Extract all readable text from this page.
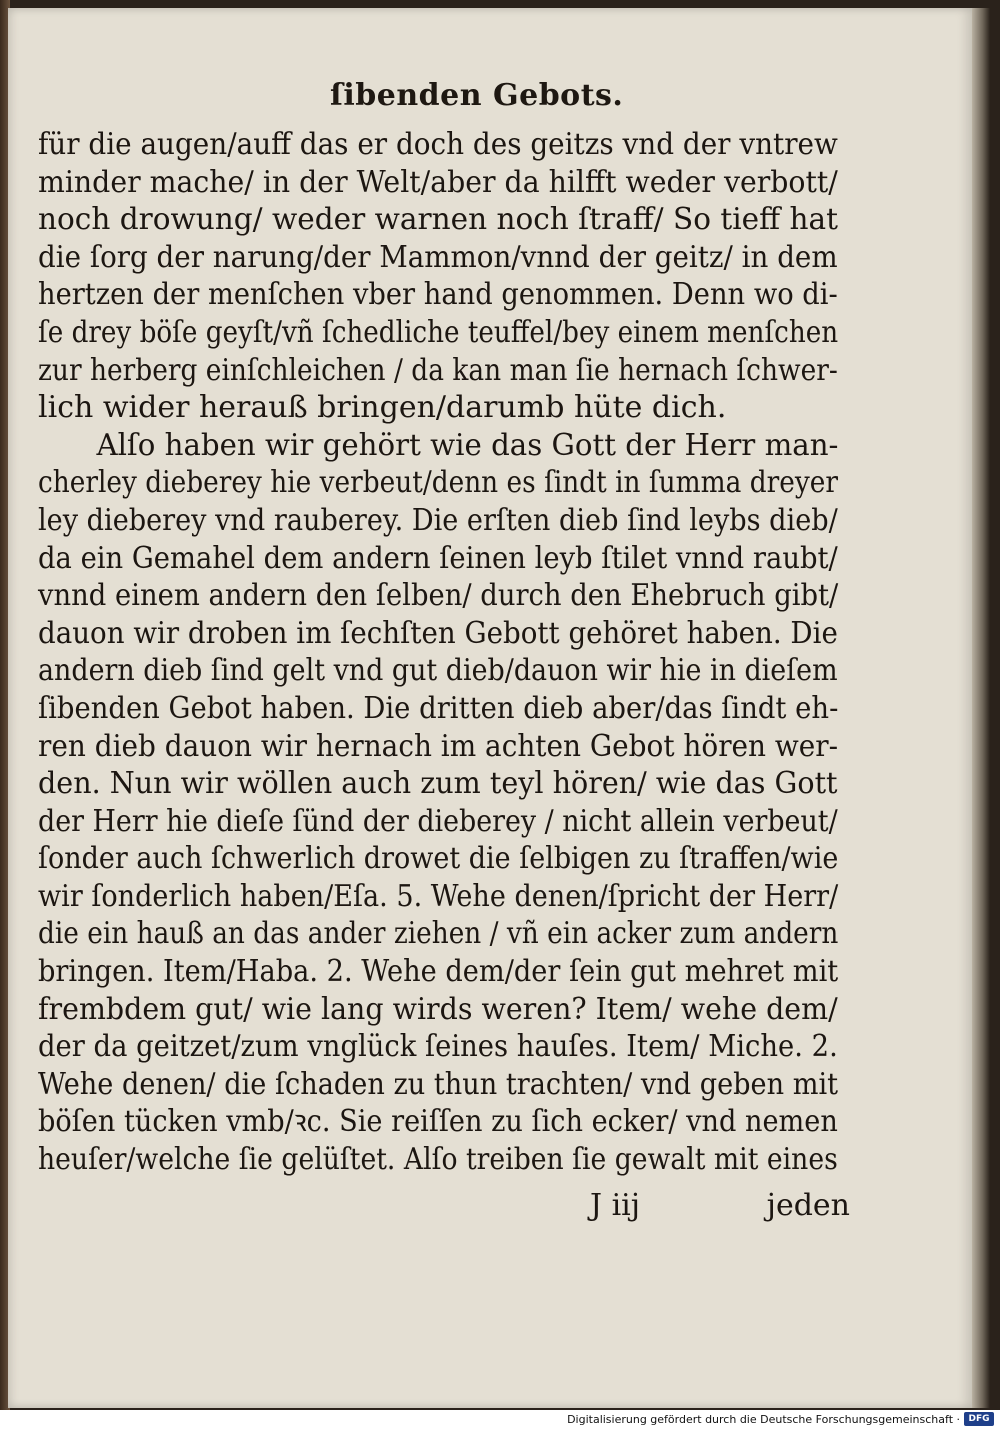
ſibenden Gebots.
für die augen/auff das er doch des geitzs vnd der vntrew
minder mache/ in der Welt/aber da hilfft weder verbott/
noch drowung/ weder warnen noch ſtraff/ So tieff hat
die ſorg der narung/der Mammon/vnnd der geitz/ in dem
hertzen der menſchen vber hand genommen. Denn wo di-
ſe drey böſe geyſt/vñ ſchedliche teuffel/bey einem menſchen
zur herberg einſchleichen / da kan man ſie hernach ſchwer-
lich wider herauß bringen/darumb hüte dich.
Alſo haben wir gehört wie das Gott der Herr man-
cherley dieberey hie verbeut/denn es ſindt in ſumma dreyer
ley dieberey vnd rauberey. Die erſten dieb ſind leybs dieb/
da ein Gemahel dem andern ſeinen leyb ſtilet vnnd raubt/
vnnd einem andern den ſelben/ durch den Ehebruch gibt/
dauon wir droben im ſechſten Gebott gehöret haben. Die
andern dieb ſind gelt vnd gut dieb/dauon wir hie in dieſem
ſibenden Gebot haben. Die dritten dieb aber/das ſindt eh-
ren dieb dauon wir hernach im achten Gebot hören wer-
den. Nun wir wöllen auch zum teyl hören/ wie das Gott
der Herr hie dieſe ſünd der dieberey / nicht allein verbeut/
ſonder auch ſchwerlich drowet die ſelbigen zu ſtraffen/wie
wir ſonderlich haben/Eſa. 5. Wehe denen/ſpricht der Herr/
die ein hauß an das ander ziehen / vñ ein acker zum andern
bringen. Item/Haba. 2. Wehe dem/der ſein gut mehret mit
frembdem gut/ wie lang wirds weren? Item/ wehe dem/
der da geitzet/zum vnglück ſeines hauſes. Item/ Miche. 2.
Wehe denen/ die ſchaden zu thun trachten/ vnd geben mit
böſen tücken vmb/ꝛc. Sie reiſſen zu ſich ecker/ vnd nemen
heuſer/welche ſie gelüſtet. Alſo treiben ſie gewalt mit eines
J iij	jeden
Digitalisierung gefördert durch die Deutsche Forschungsgemeinschaft · DFG
